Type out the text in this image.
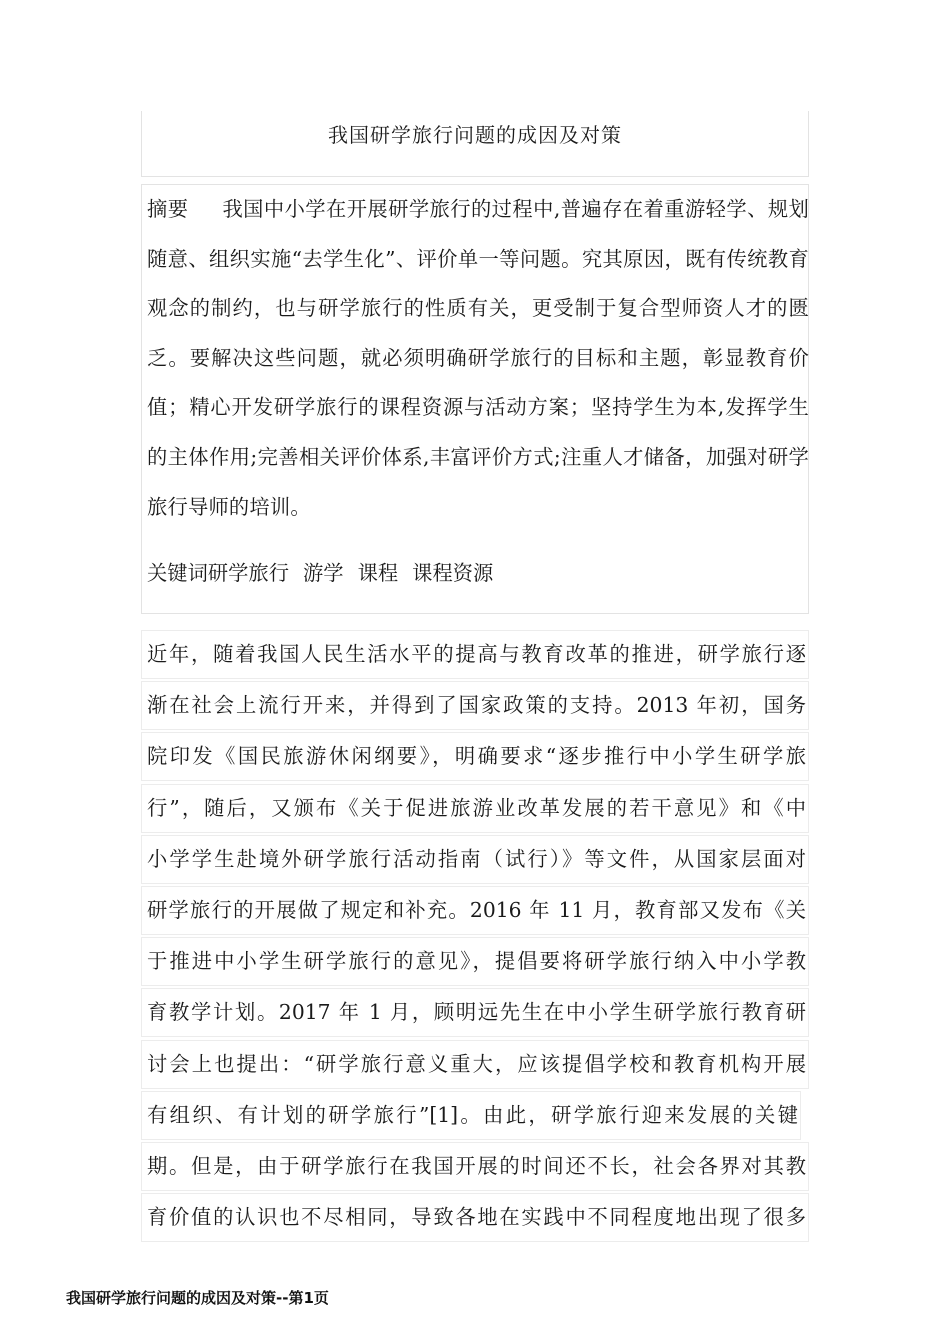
我国研学旅行问题的成因及对策
摘要 我国中小学在开展研学旅行的过程中,普遍存在着重游轻学、规划随意、组织实施“去学生化”、评价单一等问题。究其原因，既有传统教育观念的制约，也与研学旅行的性质有关，更受制于复合型师资人才的匮乏。要解决这些问题，就必须明确研学旅行的目标和主题，彰显教育价值；精心开发研学旅行的课程资源与活动方案；坚持学生为本,发挥学生的主体作用;完善相关评价体系,丰富评价方式;注重人才储备，加强对研学旅行导师的培训。
关键词研学旅行 游学 课程 课程资源
近年，随着我国人民生活水平的提高与教育改革的推进，研学旅行逐
渐在社会上流行开来，并得到了国家政策的支持。2013 年初，国务
院印发《国民旅游休闲纲要》，明确要求“逐步推行中小学生研学旅
行”，随后，又颁布《关于促进旅游业改革发展的若干意见》和《中
小学学生赴境外研学旅行活动指南（试行）》等文件，从国家层面对
研学旅行的开展做了规定和补充。2016 年 11 月，教育部又发布《关
于推进中小学生研学旅行的意见》，提倡要将研学旅行纳入中小学教
育教学计划。2017 年 1 月，顾明远先生在中小学生研学旅行教育研
讨会上也提出：“研学旅行意义重大，应该提倡学校和教育机构开展
有组织、有计划的研学旅行”[1]。由此，研学旅行迎来发展的关键
期。但是，由于研学旅行在我国开展的时间还不长，社会各界对其教
育价值的认识也不尽相同，导致各地在实践中不同程度地出现了很多
我国研学旅行问题的成因及对策--第1页
